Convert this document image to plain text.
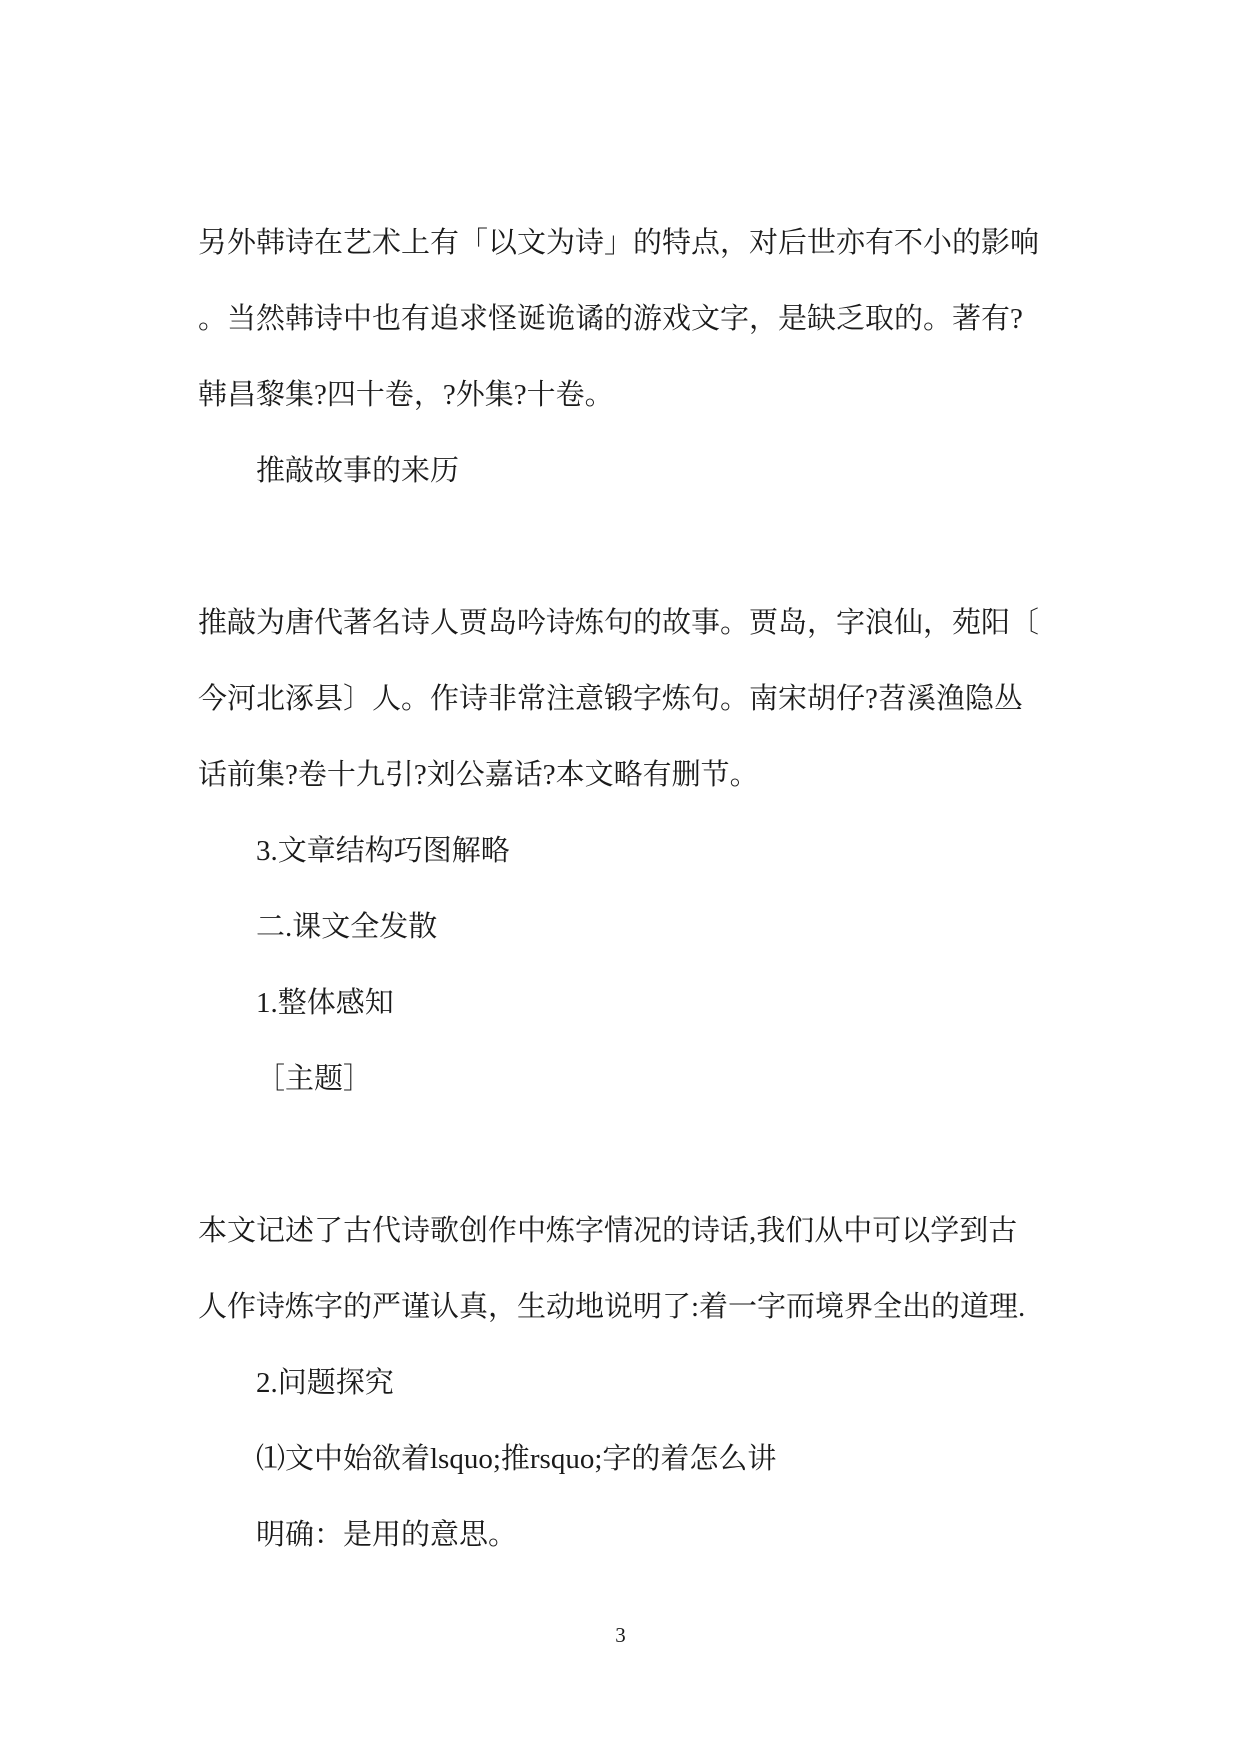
另外韩诗在艺术上有「以文为诗」的特点，对后世亦有不小的影响
。当然韩诗中也有追求怪诞诡谲的游戏文字，是缺乏取的。著有?
韩昌黎集?四十卷，?外集?十卷。
推敲故事的来历
推敲为唐代著名诗人贾岛吟诗炼句的故事。贾岛，字浪仙，苑阳〔
今河北涿县〕人。作诗非常注意锻字炼句。南宋胡仔?苕溪渔隐丛
话前集?卷十九引?刘公嘉话?本文略有删节。
3.文章结构巧图解略
二.课文全发散
1.整体感知
［主题］
本文记述了古代诗歌创作中炼字情况的诗话,我们从中可以学到古
人作诗炼字的严谨认真，生动地说明了:着一字而境界全出的道理.
2.问题探究
⑴文中始欲着lsquo;推rsquo;字的着怎么讲
明确：是用的意思。
3
